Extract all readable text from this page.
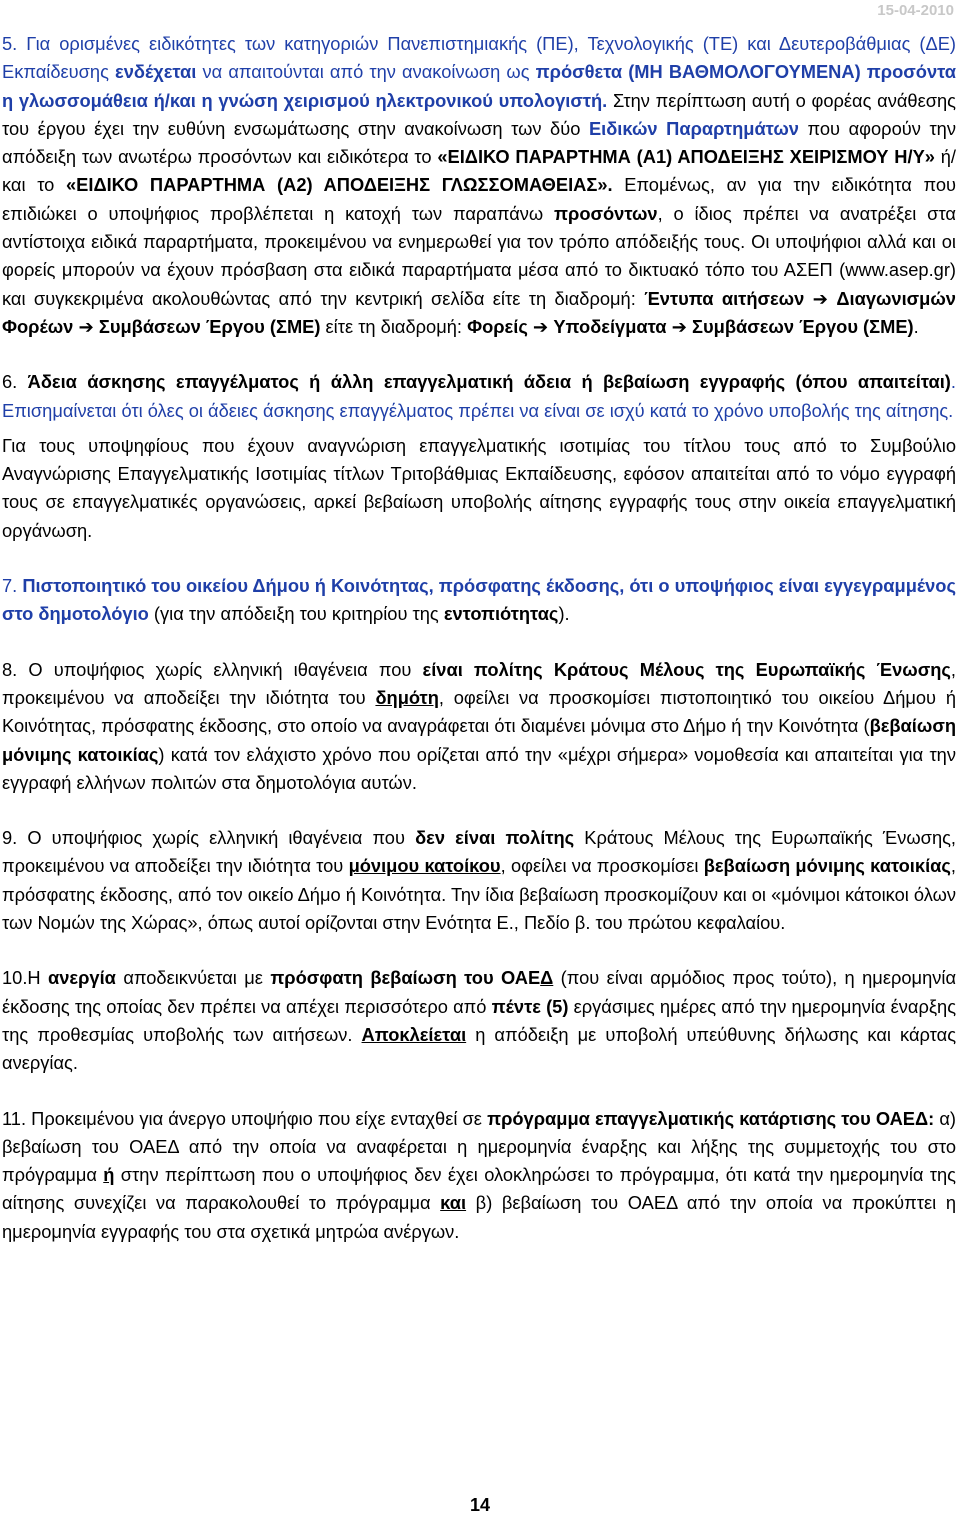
15-04-2010

5. Για ορισμένες ειδικότητες των κατηγοριών Πανεπιστημιακής (ΠΕ), Τεχνολογικής (ΤΕ) και Δευτεροβάθμιας (ΔΕ) Εκπαίδευσης ενδέχεται να απαιτούνται από την ανακοίνωση ως πρόσθετα (ΜΗ ΒΑΘΜΟΛΟΓΟΥΜΕΝΑ) προσόντα η γλωσσομάθεια ή/και η γνώση χειρισμού ηλεκτρονικού υπολογιστή. Στην περίπτωση αυτή ο φορέας ανάθεσης του έργου έχει την ευθύνη ενσωμάτωσης στην ανακοίνωση των δύο Ειδικών Παραρτημάτων που αφορούν την απόδειξη των ανωτέρω προσόντων και ειδικότερα το «ΕΙΔΙΚΟ ΠΑΡΑΡΤΗΜΑ (Α1) ΑΠΟΔΕΙΞΗΣ ΧΕΙΡΙΣΜΟΥ Η/Υ» ή/και το «ΕΙΔΙΚΟ ΠΑΡΑΡΤΗΜΑ (Α2) ΑΠΟΔΕΙΞΗΣ ΓΛΩΣΣΟΜΑΘΕΙΑΣ». Επομένως, αν για την ειδικότητα που επιδιώκει ο υποψήφιος προβλέπεται η κατοχή των παραπάνω προσόντων, ο ίδιος πρέπει να ανατρέξει στα αντίστοιχα ειδικά παραρτήματα, προκειμένου να ενημερωθεί για τον τρόπο απόδειξής τους. Οι υποψήφιοι αλλά και οι φορείς μπορούν να έχουν πρόσβαση στα ειδικά παραρτήματα μέσα από το δικτυακό τόπο του ΑΣΕΠ (www.asep.gr) και συγκεκριμένα ακολουθώντας από την κεντρική σελίδα είτε τη διαδρομή: Έντυπα αιτήσεων ➔ Διαγωνισμών Φορέων ➔ Συμβάσεων Έργου (ΣΜΕ) είτε τη διαδρομή: Φορείς ➔ Υποδείγματα ➔ Συμβάσεων Έργου (ΣΜΕ).

6. Άδεια άσκησης επαγγέλματος ή άλλη επαγγελματική άδεια ή βεβαίωση εγγραφής (όπου απαιτείται). Επισημαίνεται ότι όλες οι άδειες άσκησης επαγγέλματος πρέπει να είναι σε ισχύ κατά το χρόνο υποβολής της αίτησης.

Για τους υποψηφίους που έχουν αναγνώριση επαγγελματικής ισοτιμίας του τίτλου τους από το Συμβούλιο Αναγνώρισης Επαγγελματικής Ισοτιμίας τίτλων Τριτοβάθμιας Εκπαίδευσης, εφόσον απαιτείται από το νόμο εγγραφή τους σε επαγγελματικές οργανώσεις, αρκεί βεβαίωση υποβολής αίτησης εγγραφής τους στην οικεία επαγγελματική οργάνωση.

7. Πιστοποιητικό του οικείου Δήμου ή Κοινότητας, πρόσφατης έκδοσης, ότι ο υποψήφιος είναι εγγεγραμμένος στο δημοτολόγιο (για την απόδειξη του κριτηρίου της εντοπιότητας).

8. Ο υποψήφιος χωρίς ελληνική ιθαγένεια που είναι πολίτης Κράτους Μέλους της Ευρωπαϊκής Ένωσης, προκειμένου να αποδείξει την ιδιότητα του δημότη, οφείλει να προσκομίσει πιστοποιητικό του οικείου Δήμου ή Κοινότητας, πρόσφατης έκδοσης, στο οποίο να αναγράφεται ότι διαμένει μόνιμα στο Δήμο ή την Κοινότητα (βεβαίωση μόνιμης κατοικίας) κατά τον ελάχιστο χρόνο που ορίζεται από την «μέχρι σήμερα» νομοθεσία και απαιτείται για την εγγραφή ελλήνων πολιτών στα δημοτολόγια αυτών.

9. Ο υποψήφιος χωρίς ελληνική ιθαγένεια που δεν είναι πολίτης Κράτους Μέλους της Ευρωπαϊκής Ένωσης, προκειμένου να αποδείξει την ιδιότητα του μόνιμου κατοίκου, οφείλει να προσκομίσει βεβαίωση μόνιμης κατοικίας, πρόσφατης έκδοσης, από τον οικείο Δήμο ή Κοινότητα. Την ίδια βεβαίωση προσκομίζουν και οι «μόνιμοι κάτοικοι όλων των Νομών της Χώρας», όπως αυτοί ορίζονται στην Ενότητα Ε., Πεδίο β. του πρώτου κεφαλαίου.

10.Η ανεργία αποδεικνύεται με πρόσφατη βεβαίωση του ΟΑΕΔ (που είναι αρμόδιος προς τούτο), η ημερομηνία έκδοσης της οποίας δεν πρέπει να απέχει περισσότερο από πέντε (5) εργάσιμες ημέρες από την ημερομηνία έναρξης της προθεσμίας υποβολής των αιτήσεων. Αποκλείεται η απόδειξη με υποβολή υπεύθυνης δήλωσης και κάρτας ανεργίας.

11. Προκειμένου για άνεργο υποψήφιο που είχε ενταχθεί σε πρόγραμμα επαγγελματικής κατάρτισης του ΟΑΕΔ: α) βεβαίωση του ΟΑΕΔ από την οποία να αναφέρεται η ημερομηνία έναρξης και λήξης της συμμετοχής του στο πρόγραμμα ή στην περίπτωση που ο υποψήφιος δεν έχει ολοκληρώσει το πρόγραμμα, ότι κατά την ημερομηνία της αίτησης συνεχίζει να παρακολουθεί το πρόγραμμα και β) βεβαίωση του ΟΑΕΔ από την οποία να προκύπτει η ημερομηνία εγγραφής του στα σχετικά μητρώα ανέργων.

14
